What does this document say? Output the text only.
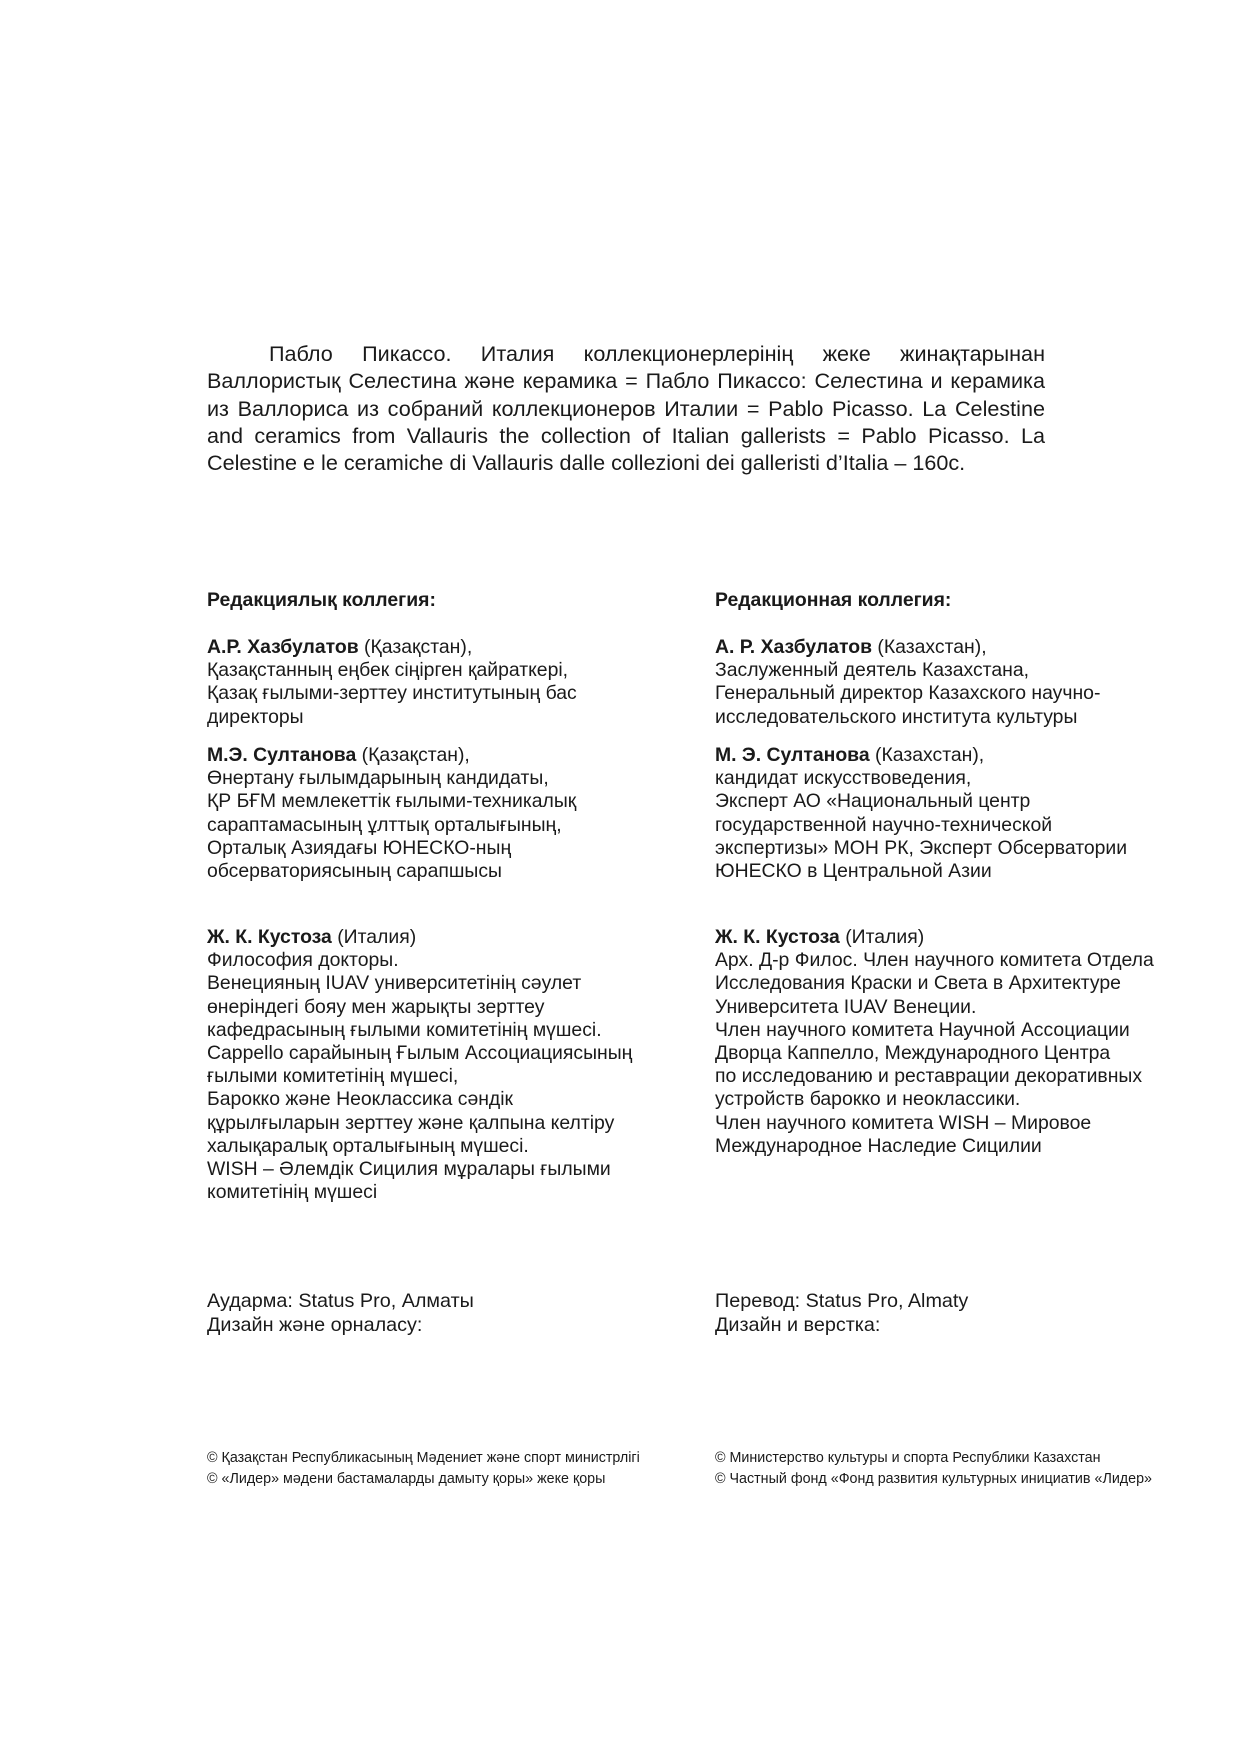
Пабло Пикассо. Италия коллекционерлерінің жеке жинақтарынан Валлористық Селестина және керамика = Пабло Пикассо: Селестина и керамика из Валлориса из собраний коллекционеров Италии = Pablo Picasso. La Celestine and ceramics from Vallauris the collection of Italian gallerists = Pablo Picasso. La Celestine e le ceramiche di Vallauris dalle collezioni dei galleristi d’Italia – 160с.
Редакциялық коллегия:
А.Р. Хазбулатов (Қазақстан),
Қазақстанның еңбек сіңірген қайраткері,
Қазақ ғылыми-зерттеу институтының бас
директоры
М.Э. Султанова (Қазақстан),
Өнертану ғылымдарының кандидаты,
ҚР БҒМ мемлекеттік ғылыми-техникалық
сараптамасының ұлттық орталығының,
Орталық Азиядағы ЮНЕСКО-ның
обсерваториясының сарапшысы
Ж. К. Кустоза (Италия)
Философия докторы.
Венецияның IUAV университетінің сәулет
өнеріндегі бояу мен жарықты зерттеу
кафедрасының ғылыми комитетінің мүшесі.
Cappello сарайының Ғылым Ассоциациясының
ғылыми комитетінің мүшесі,
Барокко және Неоклассика сәндік
құрылғыларын зерттеу және қалпына келтіру
халықаралық орталығының мүшесі.
WISH – Әлемдік Сицилия мұралары ғылыми
комитетінің мүшесі
Аударма: Status Pro, Алматы
Дизайн және орналасу:
© Қазақстан Республикасының Мәдениет және спорт министрлігі
© «Лидер» мәдени бастамаларды дамыту қоры» жеке қоры
Редакционная коллегия:
А. Р. Хазбулатов (Казахстан),
Заслуженный деятель Казахстана,
Генеральный директор Казахского научно-
исследовательского института культуры
М. Э. Султанова (Казахстан),
кандидат искусствоведения,
Эксперт АО «Национальный центр
государственной научно-технической
экспертизы» МОН РК, Эксперт Обсерватории
ЮНЕСКО в Центральной Азии
Ж. К. Кустоза (Италия)
Арх. Д-р Филос. Член научного комитета Отдела
Исследования Краски и Света в Архитектуре
Университета IUAV Венеции.
Член научного комитета Научной Ассоциации
Дворца Каппелло, Международного Центра
по исследованию и реставрации декоративных
устройств барокко и неоклассики.
Член научного комитета WISH – Мировое
Международное Наследие Сицилии
Перевод: Status Pro, Almaty
Дизайн и верстка:
© Министерство культуры и спорта Республики Казахстан
© Частный фонд «Фонд развития культурных инициатив «Лидер»
